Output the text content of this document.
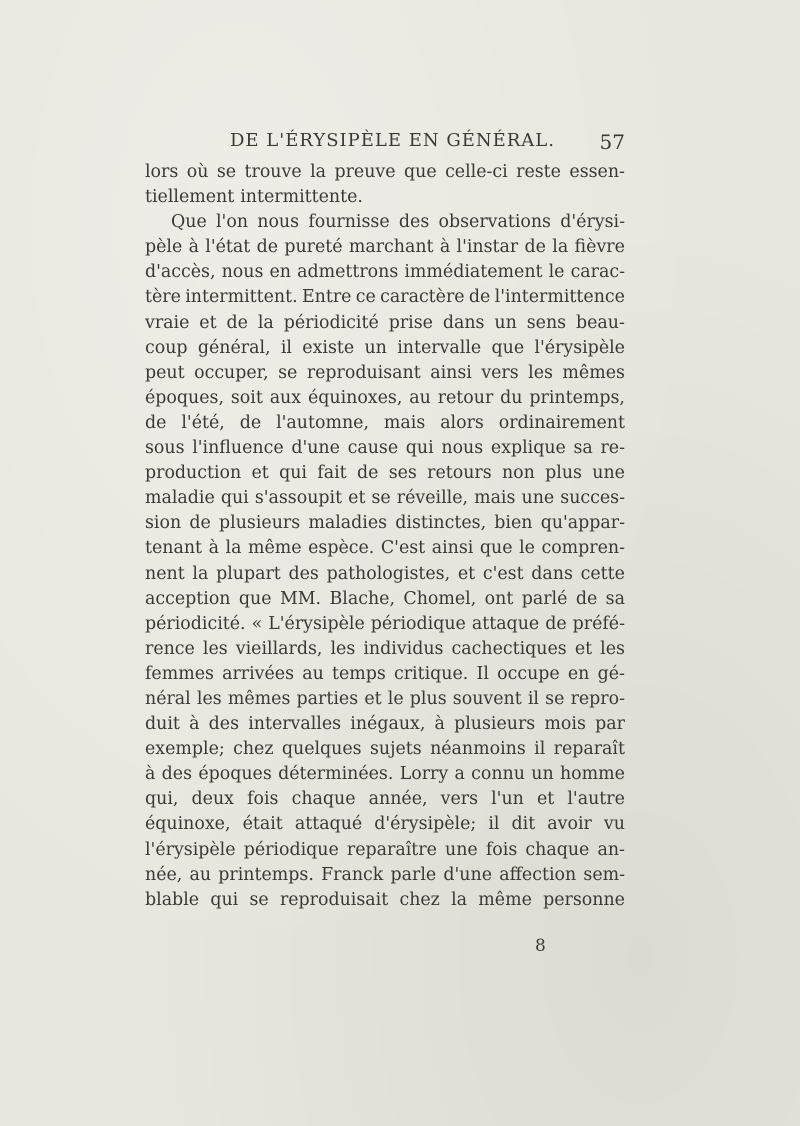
DE L'ÉRYSIPÈLE EN GÉNÉRAL. 57
lors où se trouve la preuve que celle-ci reste essen-
tiellement intermittente.
Que l'on nous fournisse des observations d'érysi-
pèle à l'état de pureté marchant à l'instar de la fièvre
d'accès, nous en admettrons immédiatement le carac-
tère intermittent. Entre ce caractère de l'intermittence
vraie et de la périodicité prise dans un sens beau-
coup général, il existe un intervalle que l'érysipèle
peut occuper, se reproduisant ainsi vers les mêmes
époques, soit aux équinoxes, au retour du printemps,
de l'été, de l'automne, mais alors ordinairement
sous l'influence d'une cause qui nous explique sa re-
production et qui fait de ses retours non plus une
maladie qui s'assoupit et se réveille, mais une succes-
sion de plusieurs maladies distinctes, bien qu'appar-
tenant à la même espèce. C'est ainsi que le compren-
nent la plupart des pathologistes, et c'est dans cette
acception que MM. Blache, Chomel, ont parlé de sa
périodicité. « L'érysipèle périodique attaque de préfé-
rence les vieillards, les individus cachectiques et les
femmes arrivées au temps critique. Il occupe en gé-
néral les mêmes parties et le plus souvent il se repro-
duit à des intervalles inégaux, à plusieurs mois par
exemple; chez quelques sujets néanmoins il reparaît
à des époques déterminées. Lorry a connu un homme
qui, deux fois chaque année, vers l'un et l'autre
équinoxe, était attaqué d'érysipèle; il dit avoir vu
l'érysipèle périodique reparaître une fois chaque an-
née, au printemps. Franck parle d'une affection sem-
blable qui se reproduisait chez la même personne
8
